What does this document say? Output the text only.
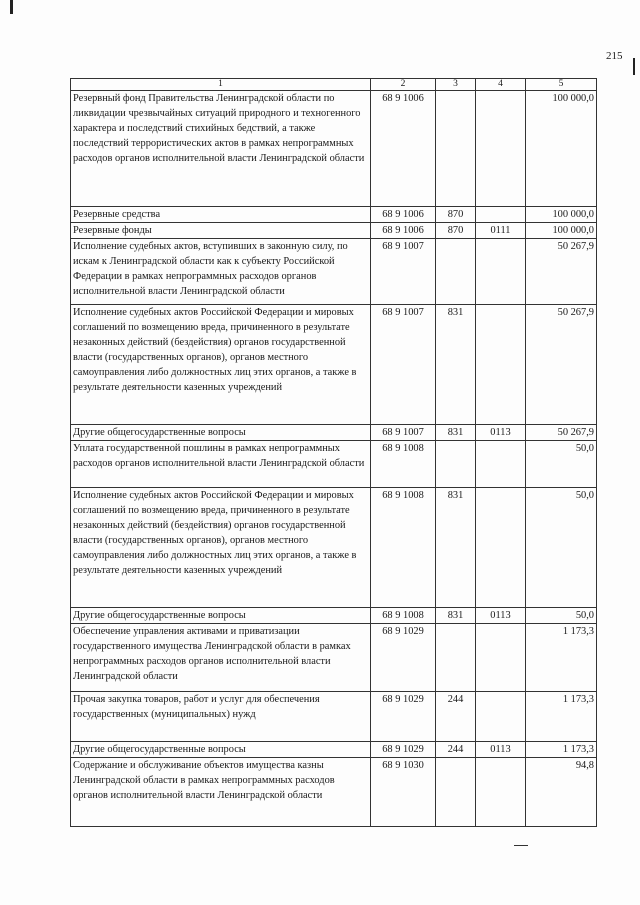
215
1	2	3	4	5
Резервный фонд Правительства Ленинградской области по ликвидации чрезвычайных ситуаций природного и техногенного характера и последствий стихийных бедствий, а также последствий террористических актов в рамках непрограммных расходов органов исполнительной власти Ленинградской области	68 9 1006			100 000,0
Резервные средства	68 9 1006	870		100 000,0
Резервные фонды	68 9 1006	870	0111	100 000,0
Исполнение судебных актов, вступивших в законную силу, по искам к Ленинградской области как к субъекту Российской Федерации в рамках непрограммных расходов органов исполнительной власти Ленинградской области	68 9 1007			50 267,9
Исполнение судебных актов Российской Федерации и мировых соглашений по возмещению вреда, причиненного в результате незаконных действий (бездействия) органов государственной власти (государственных органов), органов местного самоуправления либо должностных лиц этих органов, а также в результате деятельности казенных учреждений	68 9 1007	831		50 267,9
Другие общегосударственные вопросы	68 9 1007	831	0113	50 267,9
Уплата государственной пошлины в рамках непрограммных расходов органов исполнительной власти Ленинградской области	68 9 1008			50,0
Исполнение судебных актов Российской Федерации и мировых соглашений по возмещению вреда, причиненного в результате незаконных действий (бездействия) органов государственной власти (государственных органов), органов местного самоуправления либо должностных лиц этих органов, а также в результате деятельности казенных учреждений	68 9 1008	831		50,0
Другие общегосударственные вопросы	68 9 1008	831	0113	50,0
Обеспечение управления активами и приватизации государственного имущества Ленинградской области в рамках непрограммных расходов органов исполнительной власти Ленинградской области	68 9 1029			1 173,3
Прочая закупка товаров, работ и услуг для обеспечения государственных (муниципальных) нужд	68 9 1029	244		1 173,3
Другие общегосударственные вопросы	68 9 1029	244	0113	1 173,3
Содержание и обслуживание объектов имущества казны Ленинградской области в рамках непрограммных расходов органов исполнительной власти Ленинградской области	68 9 1030			94,8
